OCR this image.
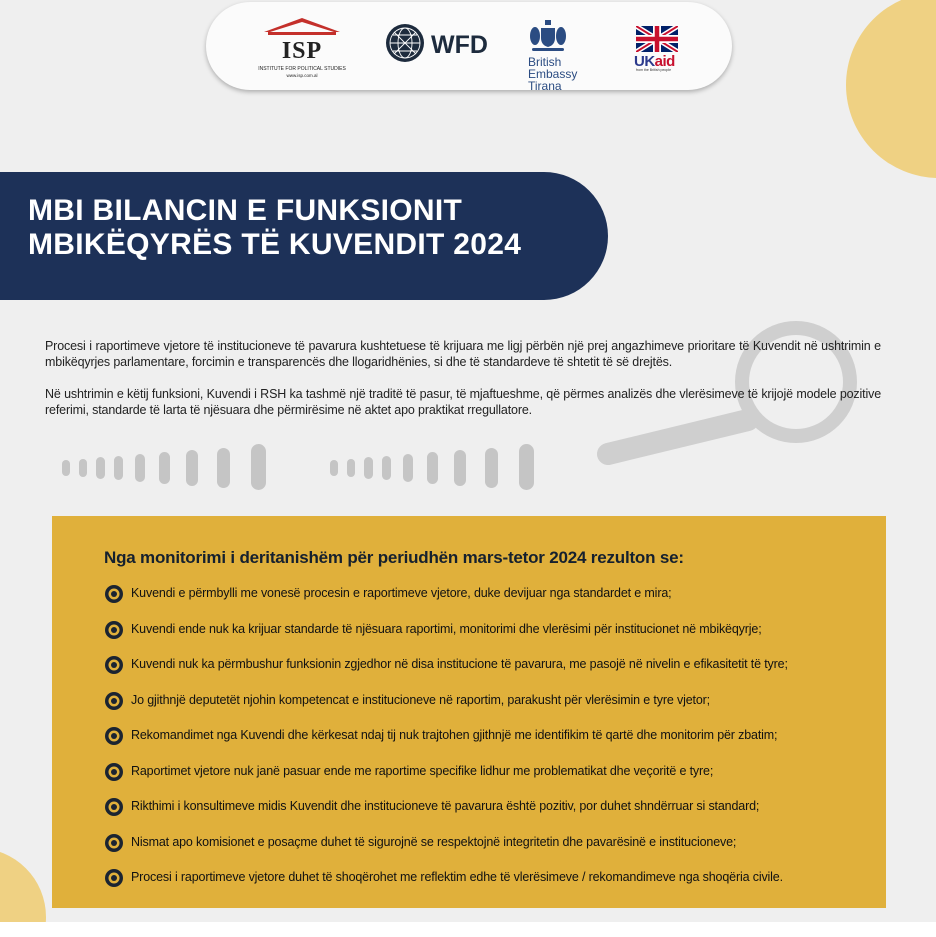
ISP
INSTITUTE FOR POLITICAL STUDIES
www.isp.com.al
WFD
British Embassy
Tirana
UKaid
from the British people
MBI BILANCIN E FUNKSIONIT
MBIKËQYRËS TË KUVENDIT 2024

Procesi i raportimeve vjetore të institucioneve të pavarura kushtetuese të krijuara me ligj përbën një prej angazhimeve prioritare të Kuvendit në ushtrimin e mbikëqyrjes parlamentare, forcimin e transparencës dhe llogaridhënies, si dhe të standardeve të shtetit të së drejtës.

Në ushtrimin e këtij funksioni, Kuvendi i RSH ka tashmë një traditë të pasur, të mjaftueshme, që përmes analizës dhe vlerësimeve të krijojë modele pozitive referimi, standarde të larta të njësuara dhe përmirësime në aktet apo praktikat rregullatore.

Nga monitorimi i deritanishëm për periudhën mars-tetor 2024 rezulton se:
Kuvendi e përmbylli me vonesë procesin e raportimeve vjetore, duke devijuar nga standardet e mira;
Kuvendi ende nuk ka krijuar standarde të njësuara raportimi, monitorimi dhe vlerësimi për institucionet në mbikëqyrje;
Kuvendi nuk ka përmbushur funksionin zgjedhor në disa institucione të pavarura, me pasojë në nivelin e efikasitetit të tyre;
Jo gjithnjë deputetët njohin kompetencat e institucioneve në raportim, parakusht për vlerësimin e tyre vjetor;
Rekomandimet nga Kuvendi dhe kërkesat ndaj tij nuk trajtohen gjithnjë me identifikim të qartë dhe monitorim për zbatim;
Raportimet vjetore nuk janë pasuar ende me raportime specifike lidhur me problematikat dhe veçoritë e tyre;
Rikthimi i konsultimeve midis Kuvendit dhe institucioneve të pavarura është pozitiv, por duhet shndërruar si standard;
Nismat apo komisionet e posaçme duhet të sigurojnë se respektojnë integritetin dhe pavarësinë e institucioneve;
Procesi i raportimeve vjetore duhet të shoqërohet me reflektim edhe të vlerësimeve / rekomandimeve nga shoqëria civile.
